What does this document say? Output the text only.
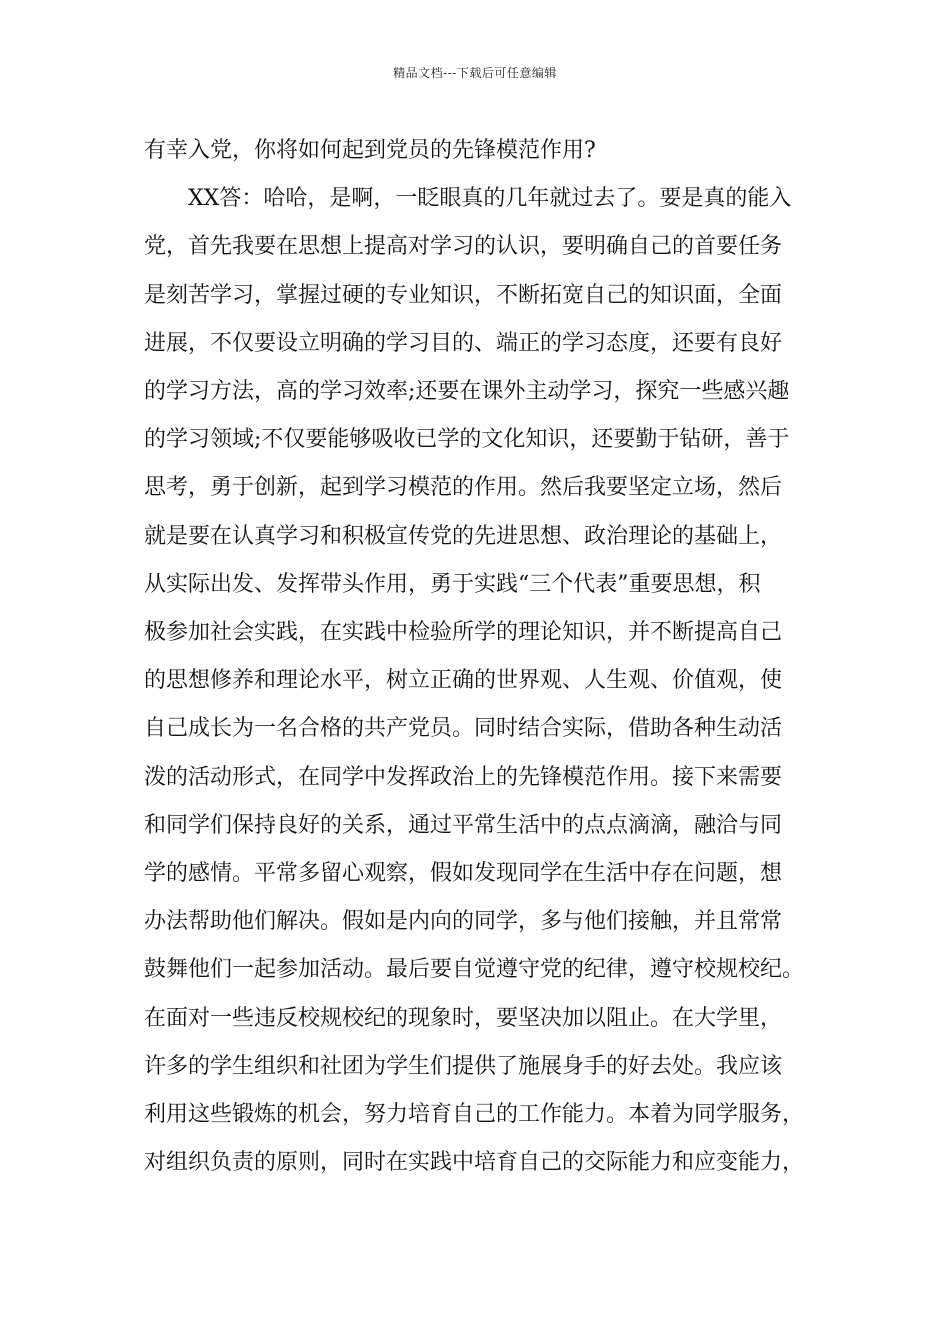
精品文档---下载后可任意编辑
有幸入党，你将如何起到党员的先锋模范作用?
XX答：哈哈，是啊，一眨眼真的几年就过去了。要是真的能入
党，首先我要在思想上提高对学习的认识，要明确自己的首要任务
是刻苦学习，掌握过硬的专业知识，不断拓宽自己的知识面，全面
进展，不仅要设立明确的学习目的、端正的学习态度，还要有良好
的学习方法，高的学习效率;还要在课外主动学习，探究一些感兴趣
的学习领域;不仅要能够吸收已学的文化知识，还要勤于钻研，善于
思考，勇于创新，起到学习模范的作用。然后我要坚定立场，然后
就是要在认真学习和积极宣传党的先进思想、政治理论的基础上，
从实际出发、发挥带头作用，勇于实践“三个代表”重要思想，积
极参加社会实践，在实践中检验所学的理论知识，并不断提高自己
的思想修养和理论水平，树立正确的世界观、人生观、价值观，使
自己成长为一名合格的共产党员。同时结合实际，借助各种生动活
泼的活动形式，在同学中发挥政治上的先锋模范作用。接下来需要
和同学们保持良好的关系，通过平常生活中的点点滴滴，融洽与同
学的感情。平常多留心观察，假如发现同学在生活中存在问题，想
办法帮助他们解决。假如是内向的同学，多与他们接触，并且常常
鼓舞他们一起参加活动。最后要自觉遵守党的纪律，遵守校规校纪。
在面对一些违反校规校纪的现象时，要坚决加以阻止。在大学里，
许多的学生组织和社团为学生们提供了施展身手的好去处。我应该
利用这些锻炼的机会，努力培育自己的工作能力。本着为同学服务，
对组织负责的原则，同时在实践中培育自己的交际能力和应变能力，
